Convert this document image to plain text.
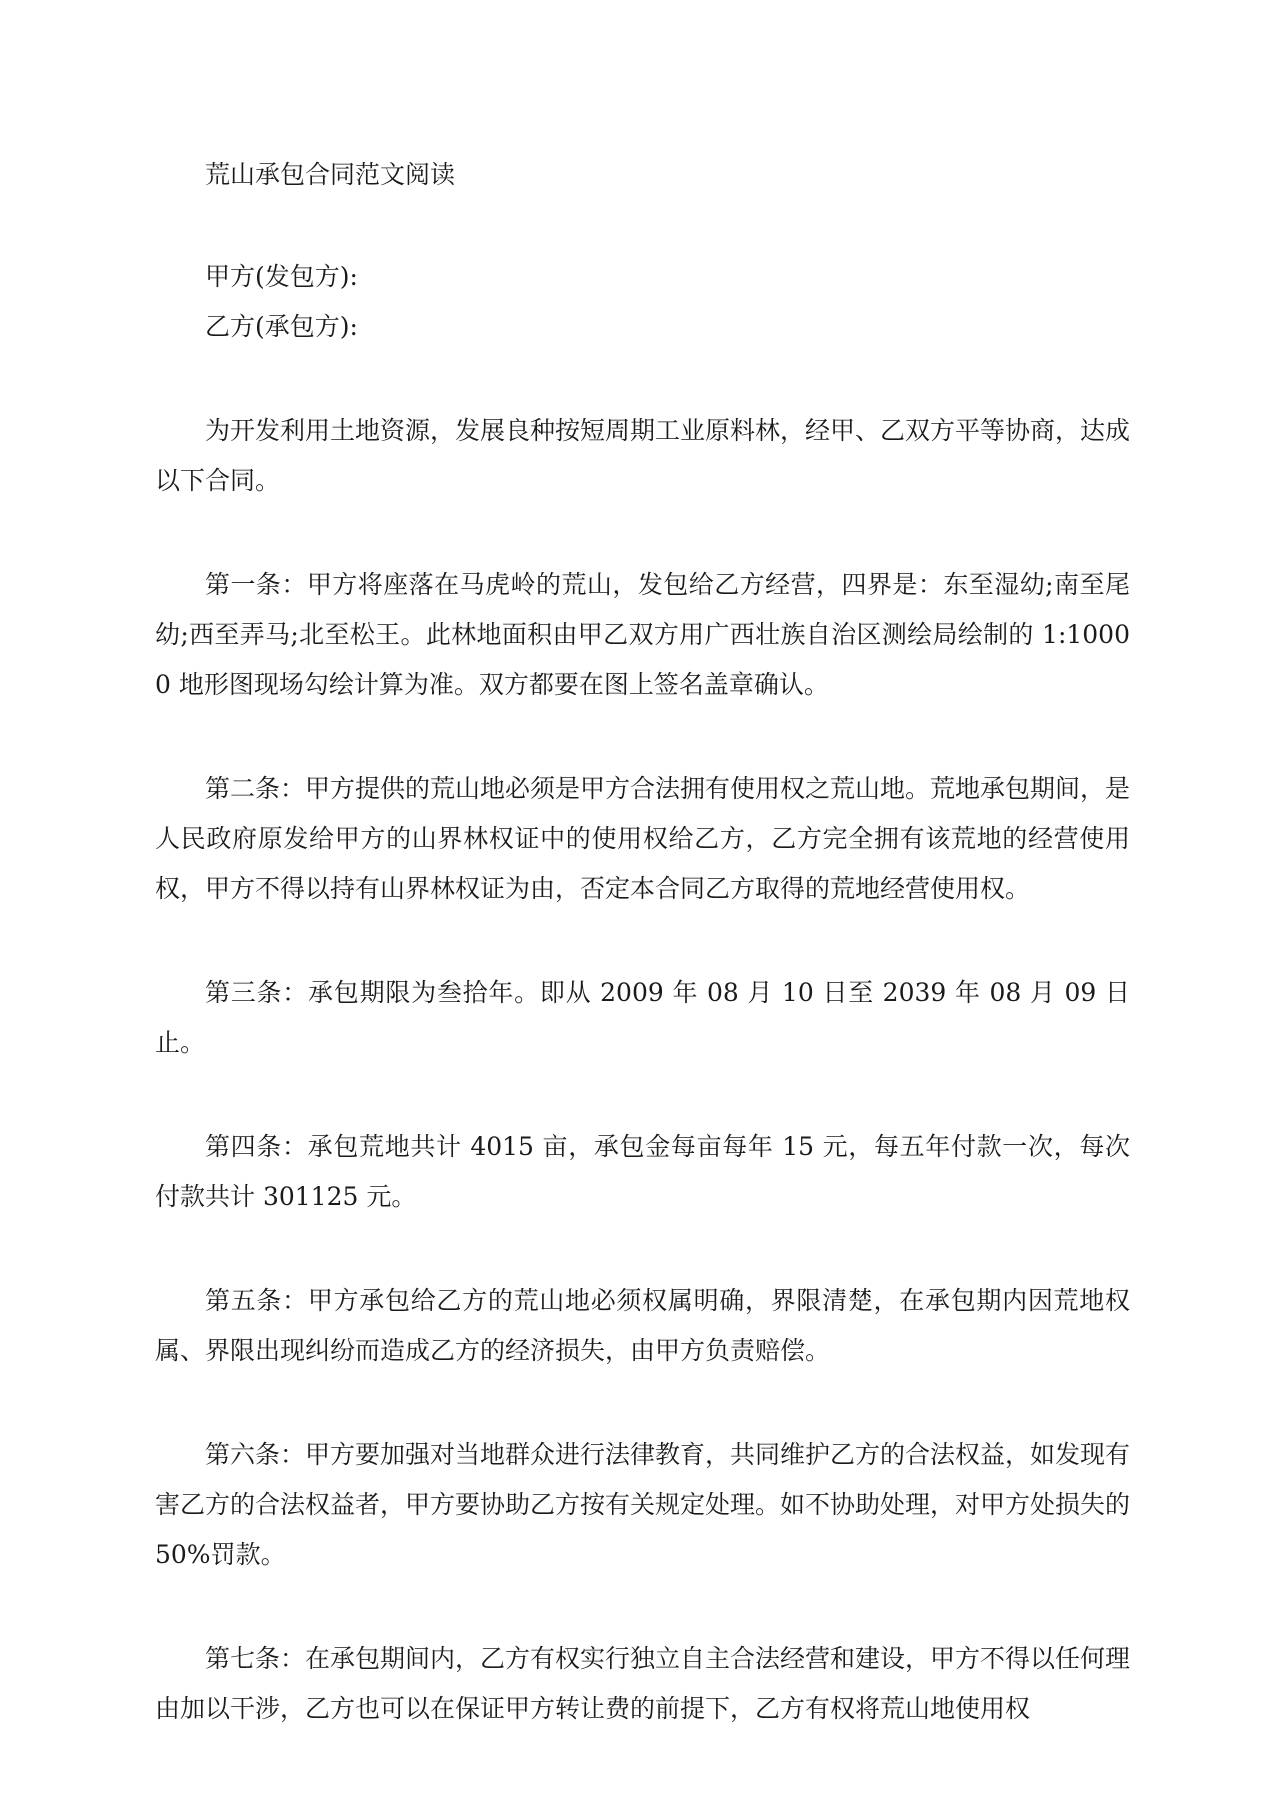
荒山承包合同范文阅读

甲方(发包方):

乙方(承包方):

为开发利用土地资源，发展良种按短周期工业原料林，经甲、乙双方平等协商，达成以下合同。

第一条：甲方将座落在马虎岭的荒山，发包给乙方经营，四界是：东至湿幼;南至尾幼;西至弄马;北至松王。此林地面积由甲乙双方用广西壮族自治区测绘局绘制的 1:10000 地形图现场勾绘计算为准。双方都要在图上签名盖章确认。

第二条：甲方提供的荒山地必须是甲方合法拥有使用权之荒山地。荒地承包期间，是人民政府原发给甲方的山界林权证中的使用权给乙方，乙方完全拥有该荒地的经营使用权，甲方不得以持有山界林权证为由，否定本合同乙方取得的荒地经营使用权。

第三条：承包期限为叁拾年。即从 2009 年 08 月 10 日至 2039 年 08 月 09 日止。

第四条：承包荒地共计 4015 亩，承包金每亩每年 15 元，每五年付款一次，每次付款共计 301125 元。

第五条：甲方承包给乙方的荒山地必须权属明确，界限清楚，在承包期内因荒地权属、界限出现纠纷而造成乙方的经济损失，由甲方负责赔偿。

第六条：甲方要加强对当地群众进行法律教育，共同维护乙方的合法权益，如发现有害乙方的合法权益者，甲方要协助乙方按有关规定处理。如不协助处理，对甲方处损失的 50%罚款。

第七条：在承包期间内，乙方有权实行独立自主合法经营和建设，甲方不得以任何理由加以干涉，乙方也可以在保证甲方转让费的前提下，乙方有权将荒山地使用权
